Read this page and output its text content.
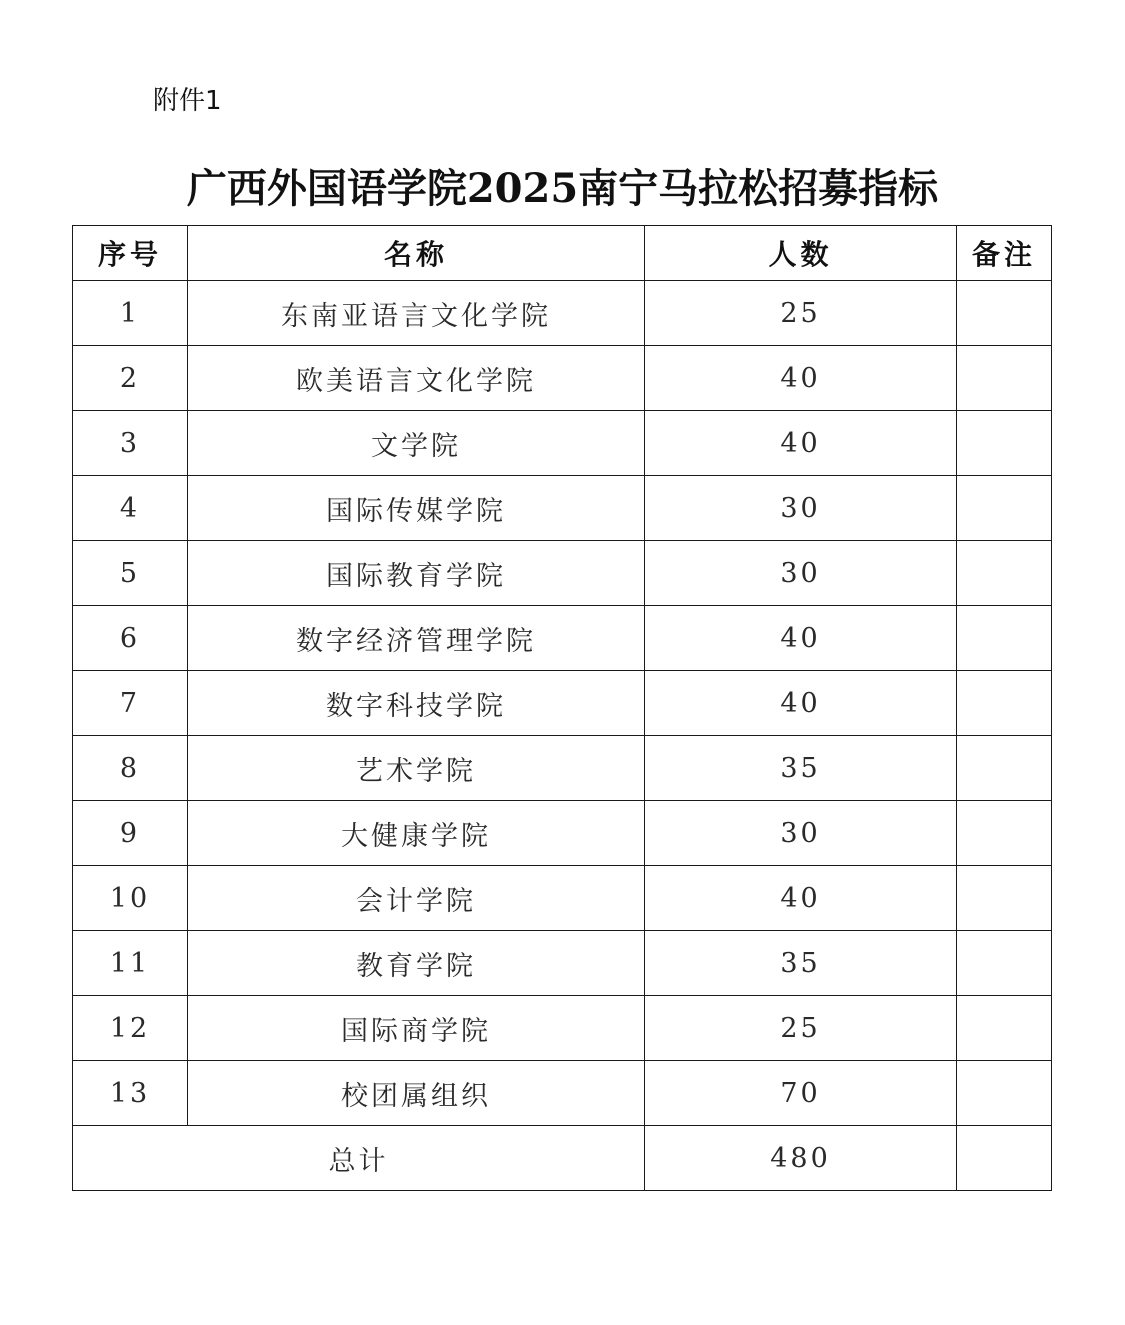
附件1
广西外国语学院2025南宁马拉松招募指标
序号	名称	人数	备注
1	东南亚语言文化学院	25	
2	欧美语言文化学院	40	
3	文学院	40	
4	国际传媒学院	30	
5	国际教育学院	30	
6	数字经济管理学院	40	
7	数字科技学院	40	
8	艺术学院	35	
9	大健康学院	30	
10	会计学院	40	
11	教育学院	35	
12	国际商学院	25	
13	校团属组织	70	
总计		480	
